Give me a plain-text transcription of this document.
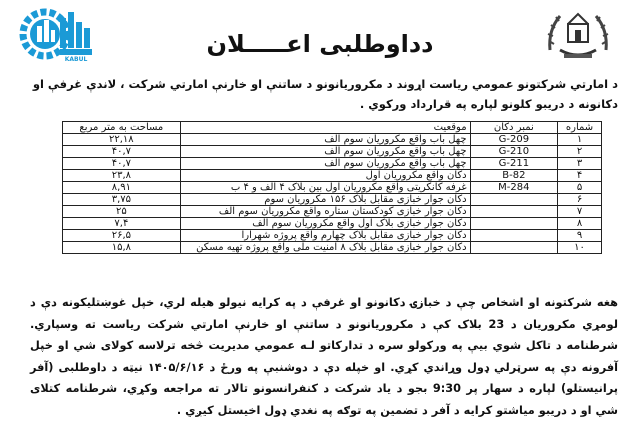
KABUL
دداوطلبی اعـــــلان
د امارتي شرکتونو عمومي رياست اړوند د مکروريانونو د ساتنې او خارنې امارتي شرکت ، لاندې غرفې او دکانونه د دريبو کلونو لپاره په قرارداد ورکوي .
شماره	نمبر دکان	موقعيت	مساحت به متر مربع
۱	G-209	چهل باب واقع مکروريان سوم الف	۲۲,۱۸
۲	G-210	چهل باب واقع مکروريان سوم الف	۴۰,۷
۳	G-211	چهل باب واقع مکروريان سوم الف	۴۰,۷
۴	B-82	دکان واقع مکروريان اول	۲۳,۸
۵	M-284	غرفه کانکريتی واقع مکروريان اول بين بلاک ۴ الف و ۴ ب	۸,۹۱
۶		دکان جوار خبازی مقابل بلاک ۱۵۶ مکروريان سوم	۳,۷۵
۷		دکان جوار خبازی کودکستان ستاره واقع مکروريان سوم الف	۲۵
۸		دکان جوار خبازی بلاک اول واقع مکروريان سوم الف	۷,۴
۹		دکان جوار خبازی مقابل بلاک چهارم واقع پروژه شهرارا	۲۶,۵
۱۰		دکان جوار خبازی مقابل بلاک ۸ امنيت ملی واقع پروژه تهيه مسکن	۱۵,۸
هغه شرکتونه او اشخاص چې د خبازۍ دکانونو او غرفې د په کرايه نيولو هيله لري، خپل غوښتليکونه دې د لومړي مکروريان د 23 بلاک کې د مکروريانونو د ساتنې او خارنې امارتي شرکت رياست ته وسپاري. شرطنامه د تاکل شوي بيې په ورکولو سره د تدارکاتو لـه عمومي مديريت څخه ترلاسه کولای شي او خپل آفرونه دې په سرټرلي ډول وړاندي کړي. او خپله دې د دوشنبې په ورځ د ۱۴۰۵/۶/۱۶ نيټه د داوطلبی (آفر پرانيستلو) لپاره د سهار پر 9:30 بجو د ياد شرکت د کنفرانسونو تالار ته مراجعه وکړي، شرطنامه کتلای شي او د دريبو مياشتو کرايه د آفر د تضمين په توګه په نغدي ډول اخيستل کيږي .
